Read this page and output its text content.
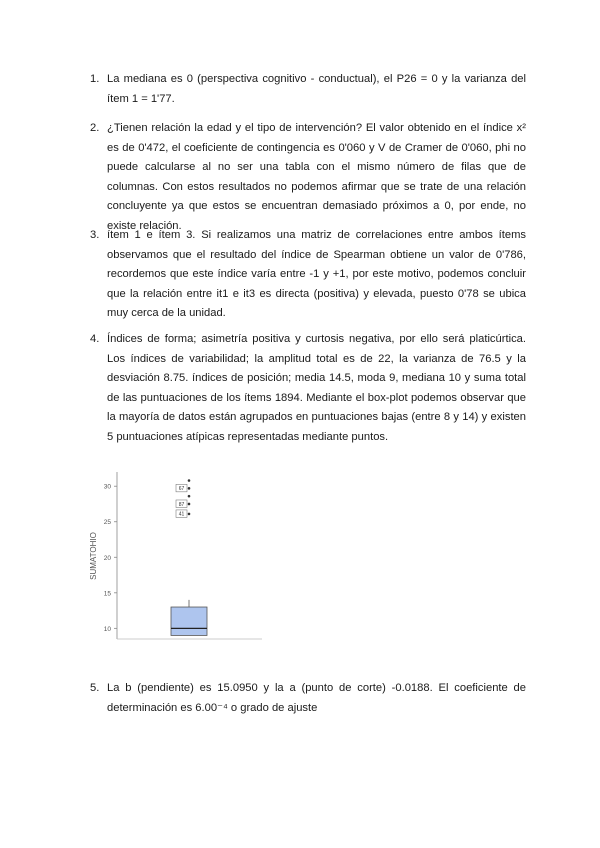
1. La mediana es 0 (perspectiva cognitivo - conductual), el P26 = 0 y la varianza del ítem 1 = 1'77.
2. ¿Tienen relación la edad y el tipo de intervención? El valor obtenido en el índice x² es de 0'472, el coeficiente de contingencia es 0'060 y V de Cramer de 0'060, phi no puede calcularse al no ser una tabla con el mismo número de filas que de columnas. Con estos resultados no podemos afirmar que se trate de una relación concluyente ya que estos se encuentran demasiado próximos a 0, por ende, no existe relación.
3. ítem 1 e ítem 3. Si realizamos una matriz de correlaciones entre ambos ítems observamos que el resultado del índice de Spearman obtiene un valor de 0'786, recordemos que este índice varía entre -1 y +1, por este motivo, podemos concluir que la relación entre it1 e it3 es directa (positiva) y elevada, puesto 0'78 se ubica muy cerca de la unidad.
4. Índices de forma; asimetría positiva y curtosis negativa, por ello será platicúrtica. Los índices de variabilidad; la amplitud total es de 22, la varianza de 76.5 y la desviación 8.75. índices de posición; media 14.5, moda 9, mediana 10 y suma total de las puntuaciones de los ítems 1894. Mediante el box-plot podemos observar que la mayoría de datos están agrupados en puntuaciones bajas (entre 8 y 14) y existen 5 puntuaciones atípicas representadas mediante puntos.
SUMATOHIO
10
15
20
25
30	67
87
41
5. La b (pendiente) es 15.0950 y la a (punto de corte) -0.0188. El coeficiente de determinación es 6.00⁻⁴ o grado de ajuste
